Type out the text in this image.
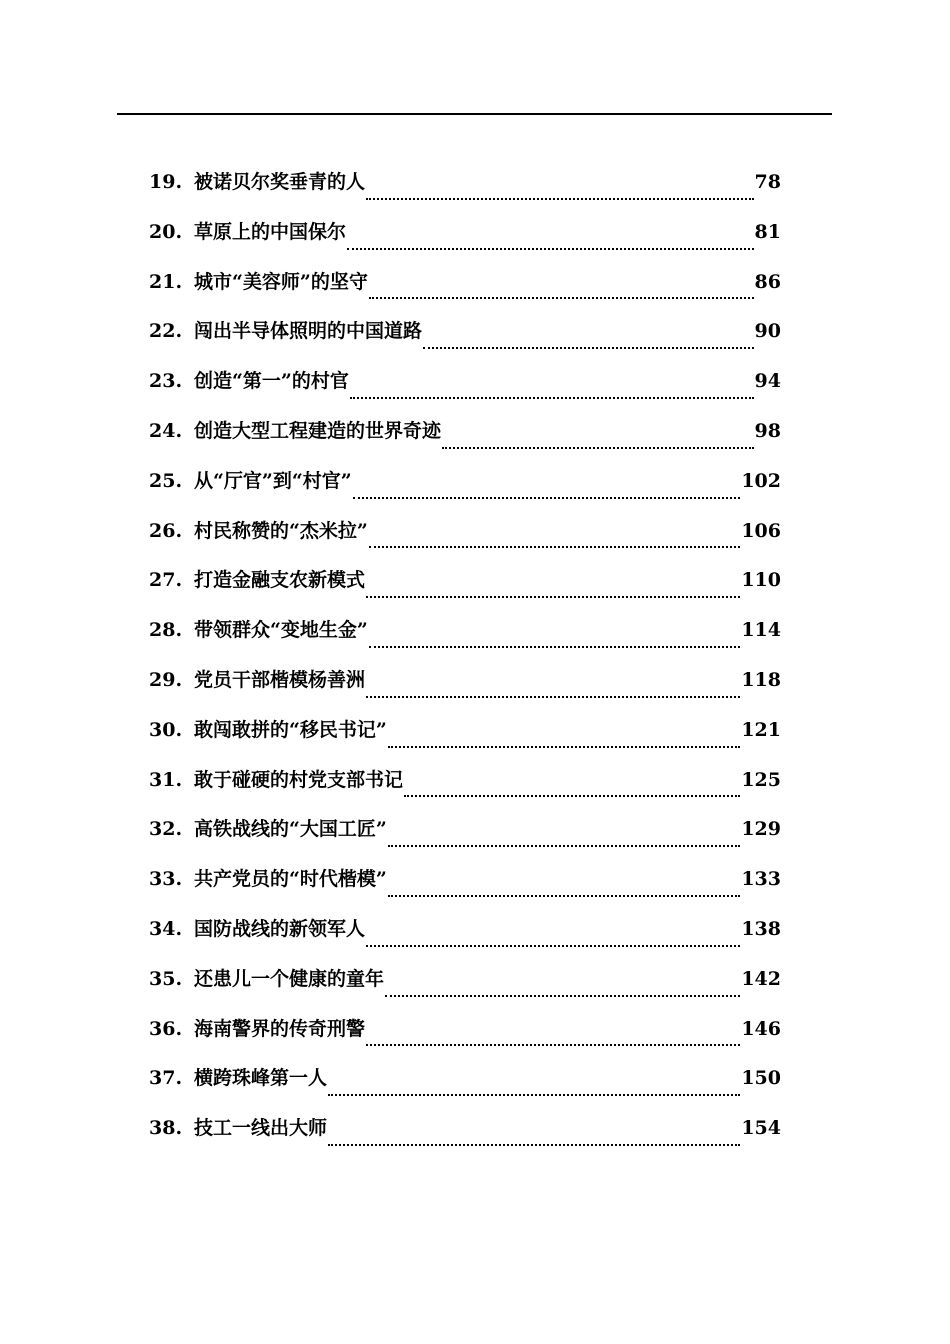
19. 被诺贝尔奖垂青的人	78
20. 草原上的中国保尔	81
21. 城市“美容师”的坚守	86
22. 闯出半导体照明的中国道路	90
23. 创造“第一”的村官	94
24. 创造大型工程建造的世界奇迹	98
25. 从“厅官”到“村官”	102
26. 村民称赞的“杰米拉”	106
27. 打造金融支农新模式	110
28. 带领群众“变地生金”	114
29. 党员干部楷模杨善洲	118
30. 敢闯敢拼的“移民书记”	121
31. 敢于碰硬的村党支部书记	125
32. 高铁战线的“大国工匠”	129
33. 共产党员的“时代楷模”	133
34. 国防战线的新领军人	138
35. 还患儿一个健康的童年	142
36. 海南警界的传奇刑警	146
37. 横跨珠峰第一人	150
38. 技工一线出大师	154
